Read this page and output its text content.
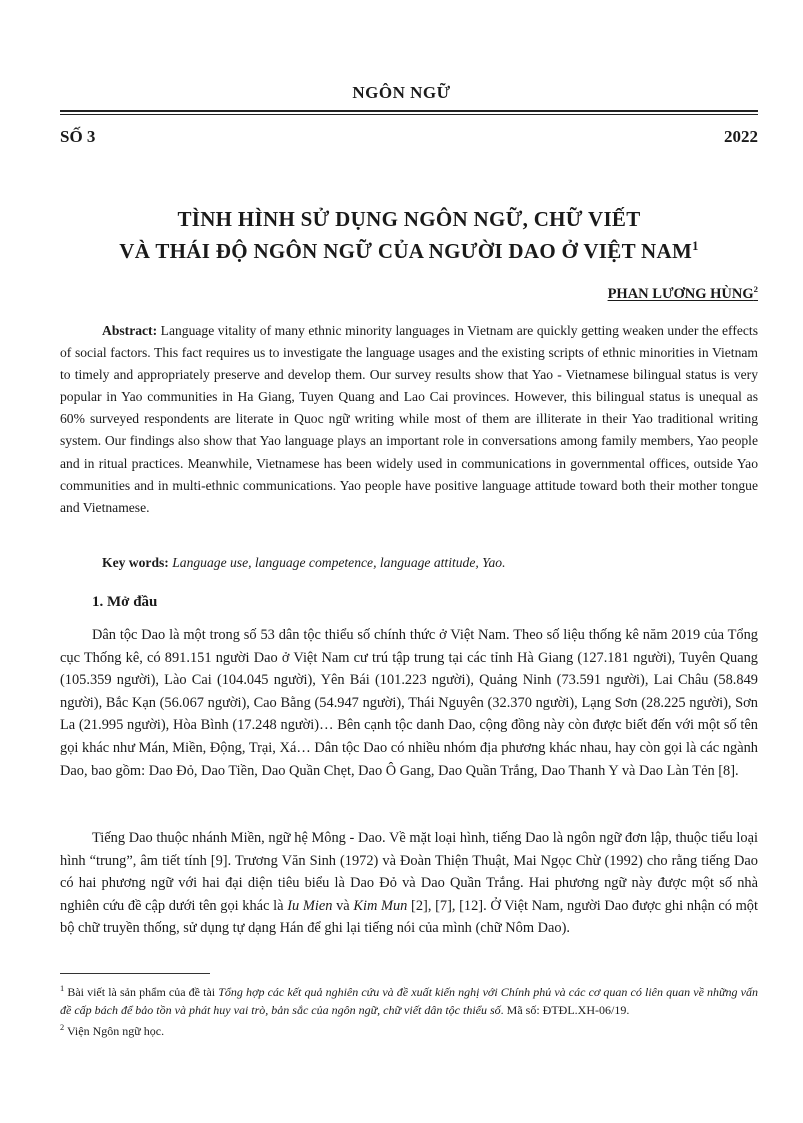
NGÔN NGỮ
SỐ 3	2022
TÌNH HÌNH SỬ DỤNG NGÔN NGỮ, CHỮ VIẾT
VÀ THÁI ĐỘ NGÔN NGỮ CỦA NGƯỜI DAO Ở VIỆT NAM$^1$
PHAN LƯƠNG HÙNG$^2$
Abstract: Language vitality of many ethnic minority languages in Vietnam are quickly getting weaken under the effects of social factors. This fact requires us to investigate the language usages and the existing scripts of ethnic minorities in Vietnam to timely and appropriately preserve and develop them. Our survey results show that Yao - Vietnamese bilingual status is very popular in Yao communities in Ha Giang, Tuyen Quang and Lao Cai provinces. However, this bilingual status is unequal as 60% surveyed respondents are literate in Quoc ngữ writing while most of them are illiterate in their Yao traditional writing system. Our findings also show that Yao language plays an important role in conversations among family members, Yao people and in ritual practices. Meanwhile, Vietnamese has been widely used in communications in governmental offices, outside Yao communities and in multi-ethnic communications. Yao people have positive language attitude toward both their mother tongue and Vietnamese.
Key words: Language use, language competence, language attitude, Yao.
1. Mở đầu
Dân tộc Dao là một trong số 53 dân tộc thiểu số chính thức ở Việt Nam. Theo số liệu thống kê năm 2019 của Tổng cục Thống kê, có 891.151 người Dao ở Việt Nam cư trú tập trung tại các tỉnh Hà Giang (127.181 người), Tuyên Quang (105.359 người), Lào Cai (104.045 người), Yên Bái (101.223 người), Quảng Ninh (73.591 người), Lai Châu (58.849 người), Bắc Kạn (56.067 người), Cao Bằng (54.947 người), Thái Nguyên (32.370 người), Lạng Sơn (28.225 người), Sơn La (21.995 người), Hòa Bình (17.248 người)… Bên cạnh tộc danh Dao, cộng đồng này còn được biết đến với một số tên gọi khác như Mán, Miền, Động, Trại, Xá… Dân tộc Dao có nhiều nhóm địa phương khác nhau, hay còn gọi là các ngành Dao, bao gồm: Dao Đỏ, Dao Tiền, Dao Quần Chẹt, Dao Ô Gang, Dao Quần Trắng, Dao Thanh Y và Dao Làn Tẻn [8].
Tiếng Dao thuộc nhánh Miền, ngữ hệ Mông - Dao. Về mặt loại hình, tiếng Dao là ngôn ngữ đơn lập, thuộc tiểu loại hình “trung”, âm tiết tính [9]. Trương Văn Sinh (1972) và Đoàn Thiện Thuật, Mai Ngọc Chừ (1992) cho rằng tiếng Dao có hai phương ngữ với hai đại diện tiêu biểu là Dao Đỏ và Dao Quần Trắng. Hai phương ngữ này được một số nhà nghiên cứu đề cập dưới tên gọi khác là Iu Mien và Kim Mun [2], [7], [12]. Ở Việt Nam, người Dao được ghi nhận có một bộ chữ truyền thống, sử dụng tự dạng Hán để ghi lại tiếng nói của mình (chữ Nôm Dao).

$^1$ Bài viết là sản phẩm của đề tài Tổng hợp các kết quả nghiên cứu và đề xuất kiến nghị với Chính phủ và các cơ quan có liên quan về những vấn đề cấp bách để bảo tồn và phát huy vai trò, bản sắc của ngôn ngữ, chữ viết dân tộc thiểu số. Mã số: ĐTĐL.XH-06/19.

$^2$ Viện Ngôn ngữ học.
